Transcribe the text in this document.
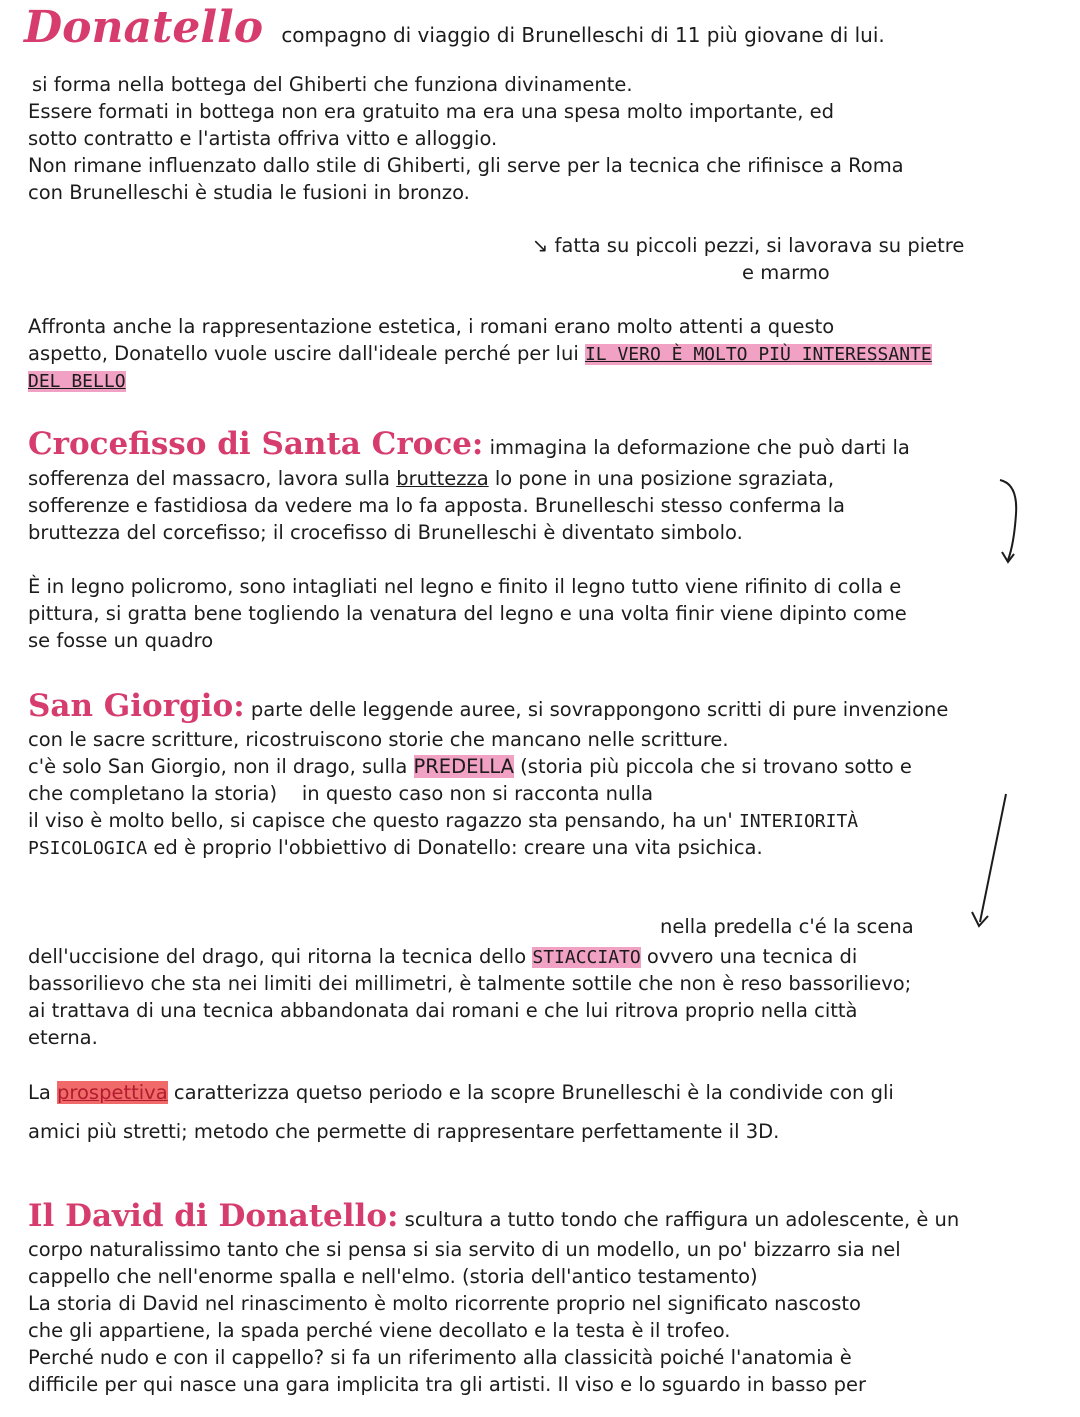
Donatello compagno di viaggio di Brunelleschi di 11 più giovane di lui.
si forma nella bottega del Ghiberti che funziona divinamente.
Essere formati in bottega non era gratuito ma era una spesa molto importante, ed
sotto contratto e l'artista offriva vitto e alloggio.
Non rimane influenzato dallo stile di Ghiberti, gli serve per la tecnica che rifinisce a Roma
con Brunelleschi è studia le fusioni in bronzo.
↘ fatta su piccoli pezzi, si lavorava su pietre
e marmo
Affronta anche la rappresentazione estetica, i romani erano molto attenti a questo
aspetto, Donatello vuole uscire dall'ideale perché per lui IL VERO È MOLTO PIÙ INTERESSANTE
DEL BELLO
Crocefisso di Santa Croce: immagina la deformazione che può darti la
sofferenza del massacro, lavora sulla bruttezza lo pone in una posizione sgraziata,
sofferenze e fastidiosa da vedere ma lo fa apposta. Brunelleschi stesso conferma la
bruttezza del corcefisso; il crocefisso di Brunelleschi è diventato simbolo.
È in legno policromo, sono intagliati nel legno e finito il legno tutto viene rifinito di colla e
pittura, si gratta bene togliendo la venatura del legno e una volta finir viene dipinto come
se fosse un quadro
San Giorgio: parte delle leggende auree, si sovrappongono scritti di pure invenzione
con le sacre scritture, ricostruiscono storie che mancano nelle scritture.
c'è solo San Giorgio, non il drago, sulla PREDELLA (storia più piccola che si trovano sotto e
che completano la storia)    in questo caso non si racconta nulla
il viso è molto bello, si capisce che questo ragazzo sta pensando, ha un' INTERIORITÀ
PSICOLOGICA ed è proprio l'obbiettivo di Donatello: creare una vita psichica.
nella predella c'é la scena
dell'uccisione del drago, qui ritorna la tecnica dello STIACCIATO ovvero una tecnica di
bassorilievo che sta nei limiti dei millimetri, è talmente sottile che non è reso bassorilievo;
ai trattava di una tecnica abbandonata dai romani e che lui ritrova proprio nella città
eterna.
La prospettiva caratterizza quetso periodo e la scopre Brunelleschi è la condivide con gli
amici più stretti; metodo che permette di rappresentare perfettamente il 3D.
Il David di Donatello: scultura a tutto tondo che raffigura un adolescente, è un
corpo naturalissimo tanto che si pensa si sia servito di un modello, un po' bizzarro sia nel
cappello che nell'enorme spalla e nell'elmo. (storia dell'antico testamento)
La storia di David nel rinascimento è molto ricorrente proprio nel significato nascosto
che gli appartiene, la spada perché viene decollato e la testa è il trofeo.
Perché nudo e con il cappello? si fa un riferimento alla classicità poiché l'anatomia è
difficile per qui nasce una gara implicita tra gli artisti. Il viso e lo sguardo in basso per
